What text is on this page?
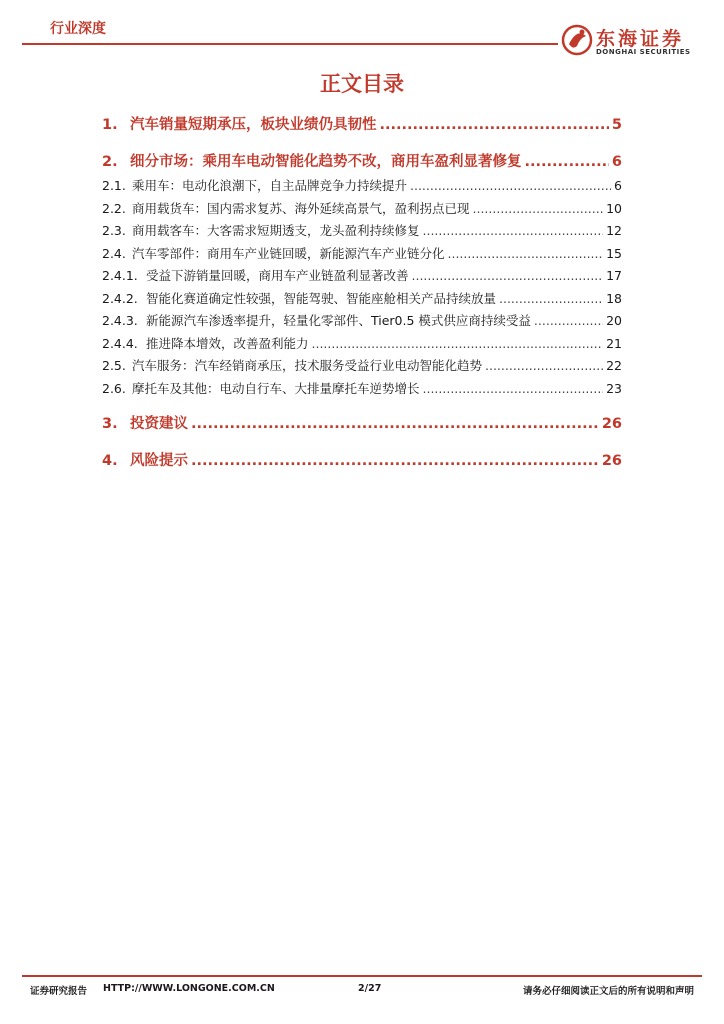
行业深度	东海证券
DONGHAI SECURITIES
正文目录
1. 汽车销量短期承压，板块业绩仍具韧性 .....	5
2. 细分市场：乘用车电动智能化趋势不改，商用车盈利显著修复 .....	6
2.1. 乘用车：电动化浪潮下，自主品牌竞争力持续提升 .....	6
2.2. 商用载货车：国内需求复苏、海外延续高景气，盈利拐点已现 .....	10
2.3. 商用载客车：大客需求短期透支，龙头盈利持续修复 .....	12
2.4. 汽车零部件：商用车产业链回暖，新能源汽车产业链分化 .....	15
2.4.1. 受益下游销量回暖，商用车产业链盈利显著改善 .....	17
2.4.2. 智能化赛道确定性较强，智能驾驶、智能座舱相关产品持续放量 .....	18
2.4.3. 新能源汽车渗透率提升，轻量化零部件、Tier0.5 模式供应商持续受益 .....	20
2.4.4. 推进降本增效，改善盈利能力 .....	21
2.5. 汽车服务：汽车经销商承压，技术服务受益行业电动智能化趋势 .....	22
2.6. 摩托车及其他：电动自行车、大排量摩托车逆势增长 .....	23
3. 投资建议 .....	26
4. 风险提示 .....	26
证券研究报告 HTTP://WWW.LONGONE.COM.CN	2/27	请务必仔细阅读正文后的所有说明和声明
